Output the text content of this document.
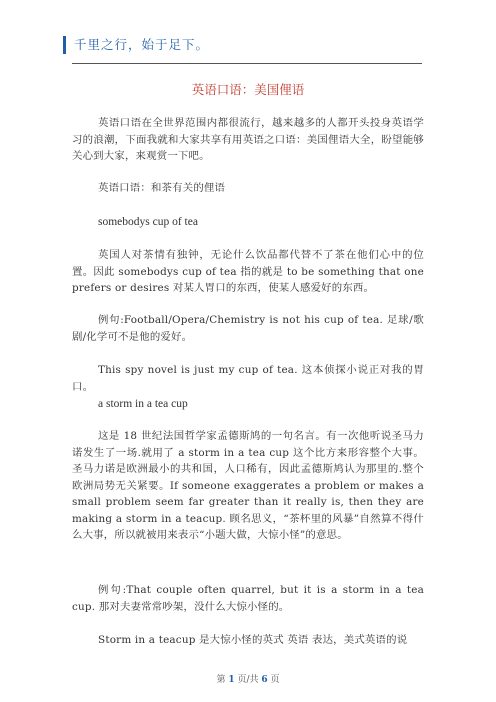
千里之行，始于足下。
英语口语：美国俚语

英语口语在全世界范围内都很流行，越来越多的人都开头投身英语学习的浪潮，下面我就和大家共享有用英语之口语：美国俚语大全，盼望能够关心到大家，来观赏一下吧。

英语口语：和茶有关的俚语

somebodys cup of tea

英国人对茶情有独钟，无论什么饮品都代替不了茶在他们心中的位置。因此 somebodys cup of tea 指的就是 to be something that one prefers or desires 对某人胃口的东西，使某人感爱好的东西。

例句:Football/Opera/Chemistry is not his cup of tea. 足球/歌剧/化学可不是他的爱好。

This spy novel is just my cup of tea. 这本侦探小说正对我的胃口。

a storm in a tea cup

这是 18 世纪法国哲学家孟德斯鸠的一句名言。有一次他听说圣马力诺发生了一场.就用了 a storm in a tea cup 这个比方来形容整个大事。圣马力诺是欧洲最小的共和国，人口稀有，因此孟德斯鸠认为那里的.整个欧洲局势无关紧要。If someone exaggerates a problem or makes a small problem seem far greater than it really is, then they are making a storm in a teacup. 顾名思义，“茶杯里的风暴”自然算不得什么大事，所以就被用来表示“小题大做，大惊小怪”的意思。

例句:That couple often quarrel, but it is a storm in a tea cup. 那对夫妻常常吵架，没什么大惊小怪的。

Storm in a teacup 是大惊小怪的英式 英语 表达，美式英语的说

第 1 页/共 6 页
